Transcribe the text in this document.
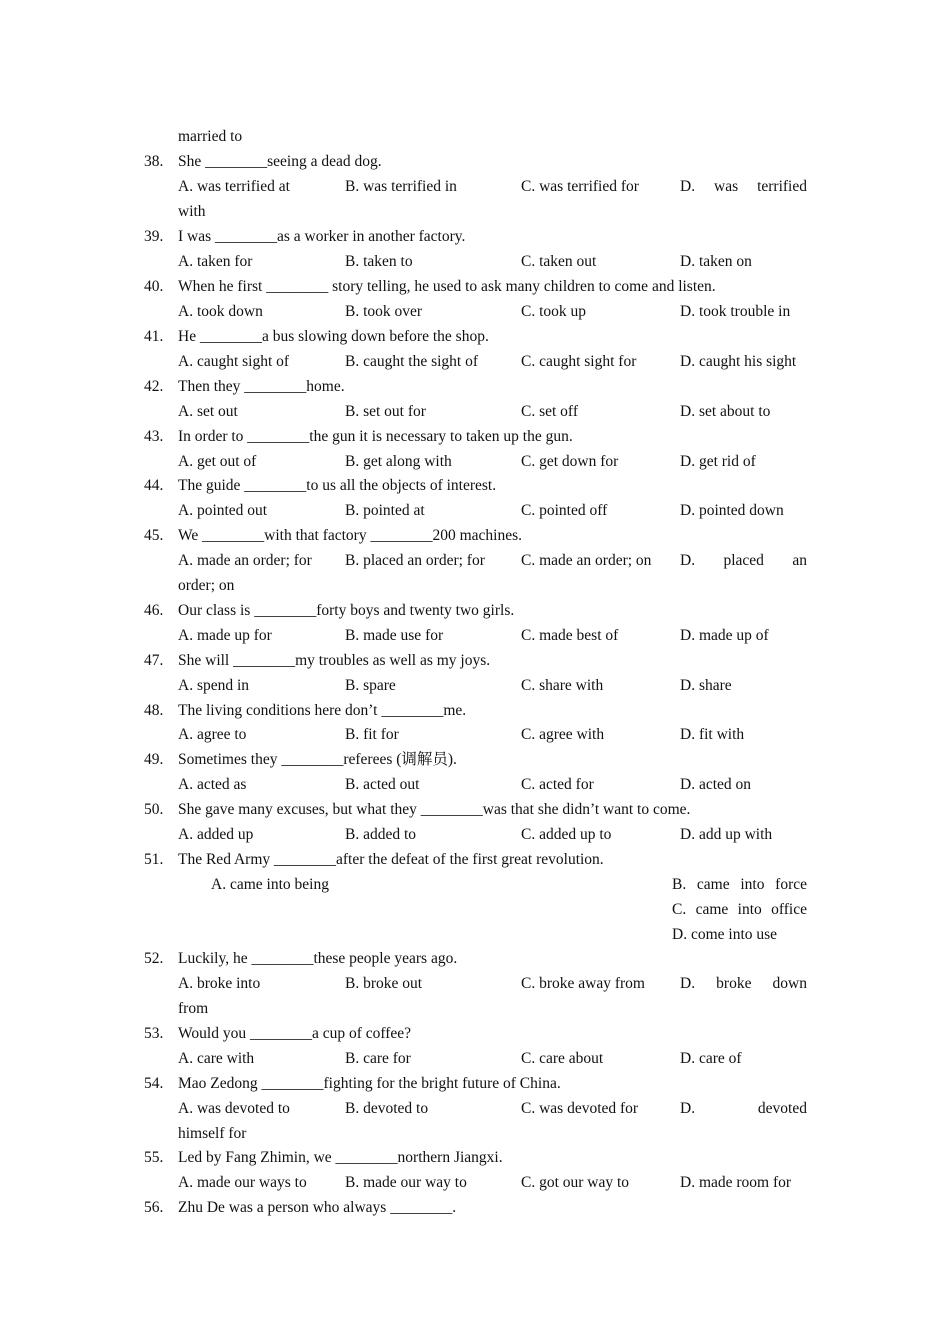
married to
38. She ________seeing a dead dog.
A. was terrified at	B. was terrified in	C. was terrified for	D. was terrified
with
39. I was ________as a worker in another factory.
A. taken for	B. taken to	C. taken out	D. taken on
40. When he first ________ story telling, he used to ask many children to come and listen.
A. took down	B. took over	C. took up	D. took trouble in
41. He ________a bus slowing down before the shop.
A. caught sight of	B. caught the sight of	C. caught sight for	D. caught his sight
42. Then they ________home.
A. set out	B. set out for	C. set off	D. set about to
43. In order to ________the gun it is necessary to taken up the gun.
A. get out of	B. get along with	C. get down for	D. get rid of
44. The guide ________to us all the objects of interest.
A. pointed out	B. pointed at	C. pointed off	D. pointed down
45. We ________with that factory ________200 machines.
A. made an order; for B. placed an order; for C. made an order; on D. placed an
order; on
46. Our class is ________forty boys and twenty two girls.
A. made up for	B. made use for	C. made best of	D. made up of
47. She will ________my troubles as well as my joys.
A. spend in	B. spare	C. share with	D. share
48. The living conditions here don’t ________me.
A. agree to	B. fit for	C. agree with	D. fit with
49. Sometimes they ________referees (调解员).
A. acted as	B. acted out	C. acted for	D. acted on
50. She gave many excuses, but what they ________was that she didn’t want to come.
A. added up	B. added to	C. added up to	D. add up with
51. The Red Army ________after the defeat of the first great revolution.
A. came into being	B. came into force
C. came into office
D. come into use
52. Luckily, he ________these people years ago.
A. broke into	B. broke out	C. broke away from D. broke down
from
53. Would you ________a cup of coffee?
A. care with	B. care for	C. care about	D. care of
54. Mao Zedong ________fighting for the bright future of China.
A. was devoted to	B. devoted to	C. was devoted for	D.	devoted
himself for
55. Led by Fang Zhimin, we ________northern Jiangxi.
A. made our ways to B. made our way to	C. got our way to	D. made room for
56. Zhu De was a person who always ________.
